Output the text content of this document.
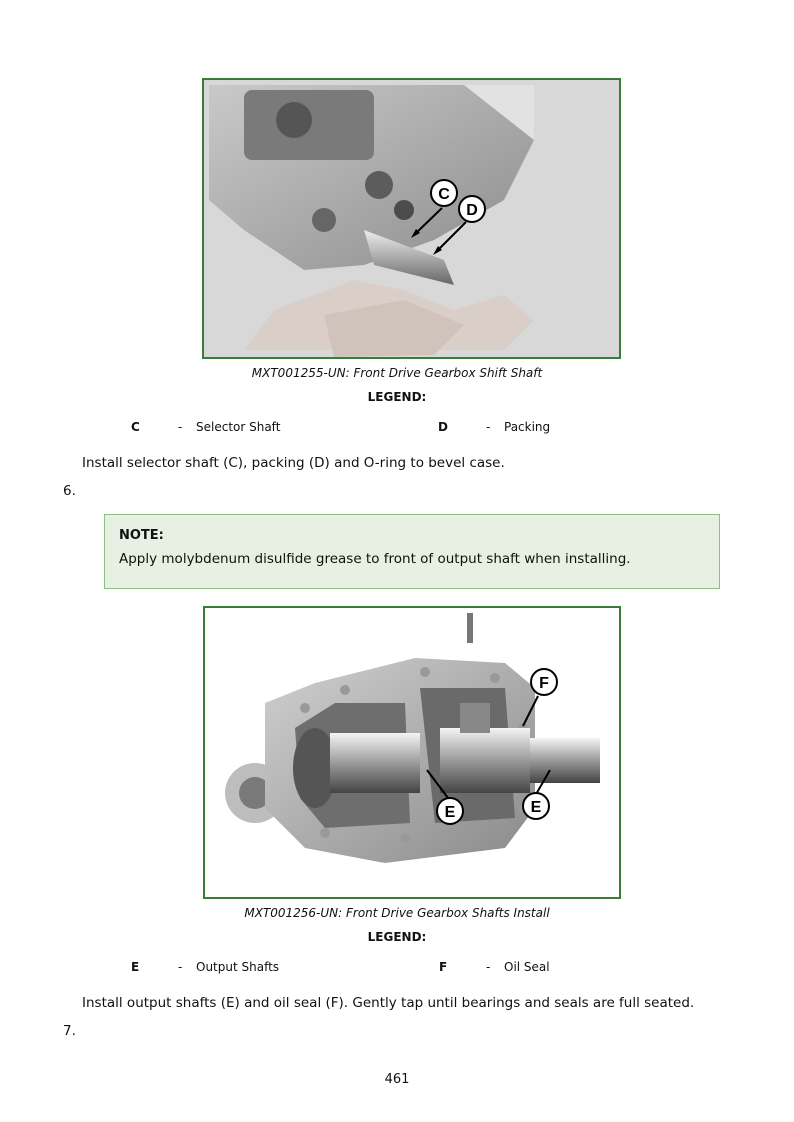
C
D
MXT001255-UN: Front Drive Gearbox Shift Shaft
LEGEND:
C	- Selector Shaft	D	- Packing
Install selector shaft (C), packing (D) and O-ring to bevel case.
6.
NOTE:
Apply molybdenum disulfide grease to front of output shaft when installing.
F
E	E
MXT001256-UN: Front Drive Gearbox Shafts Install
LEGEND:
E	- Output Shafts	F	- Oil Seal
Install output shafts (E) and oil seal (F). Gently tap until bearings and seals are full seated.
7.
461
